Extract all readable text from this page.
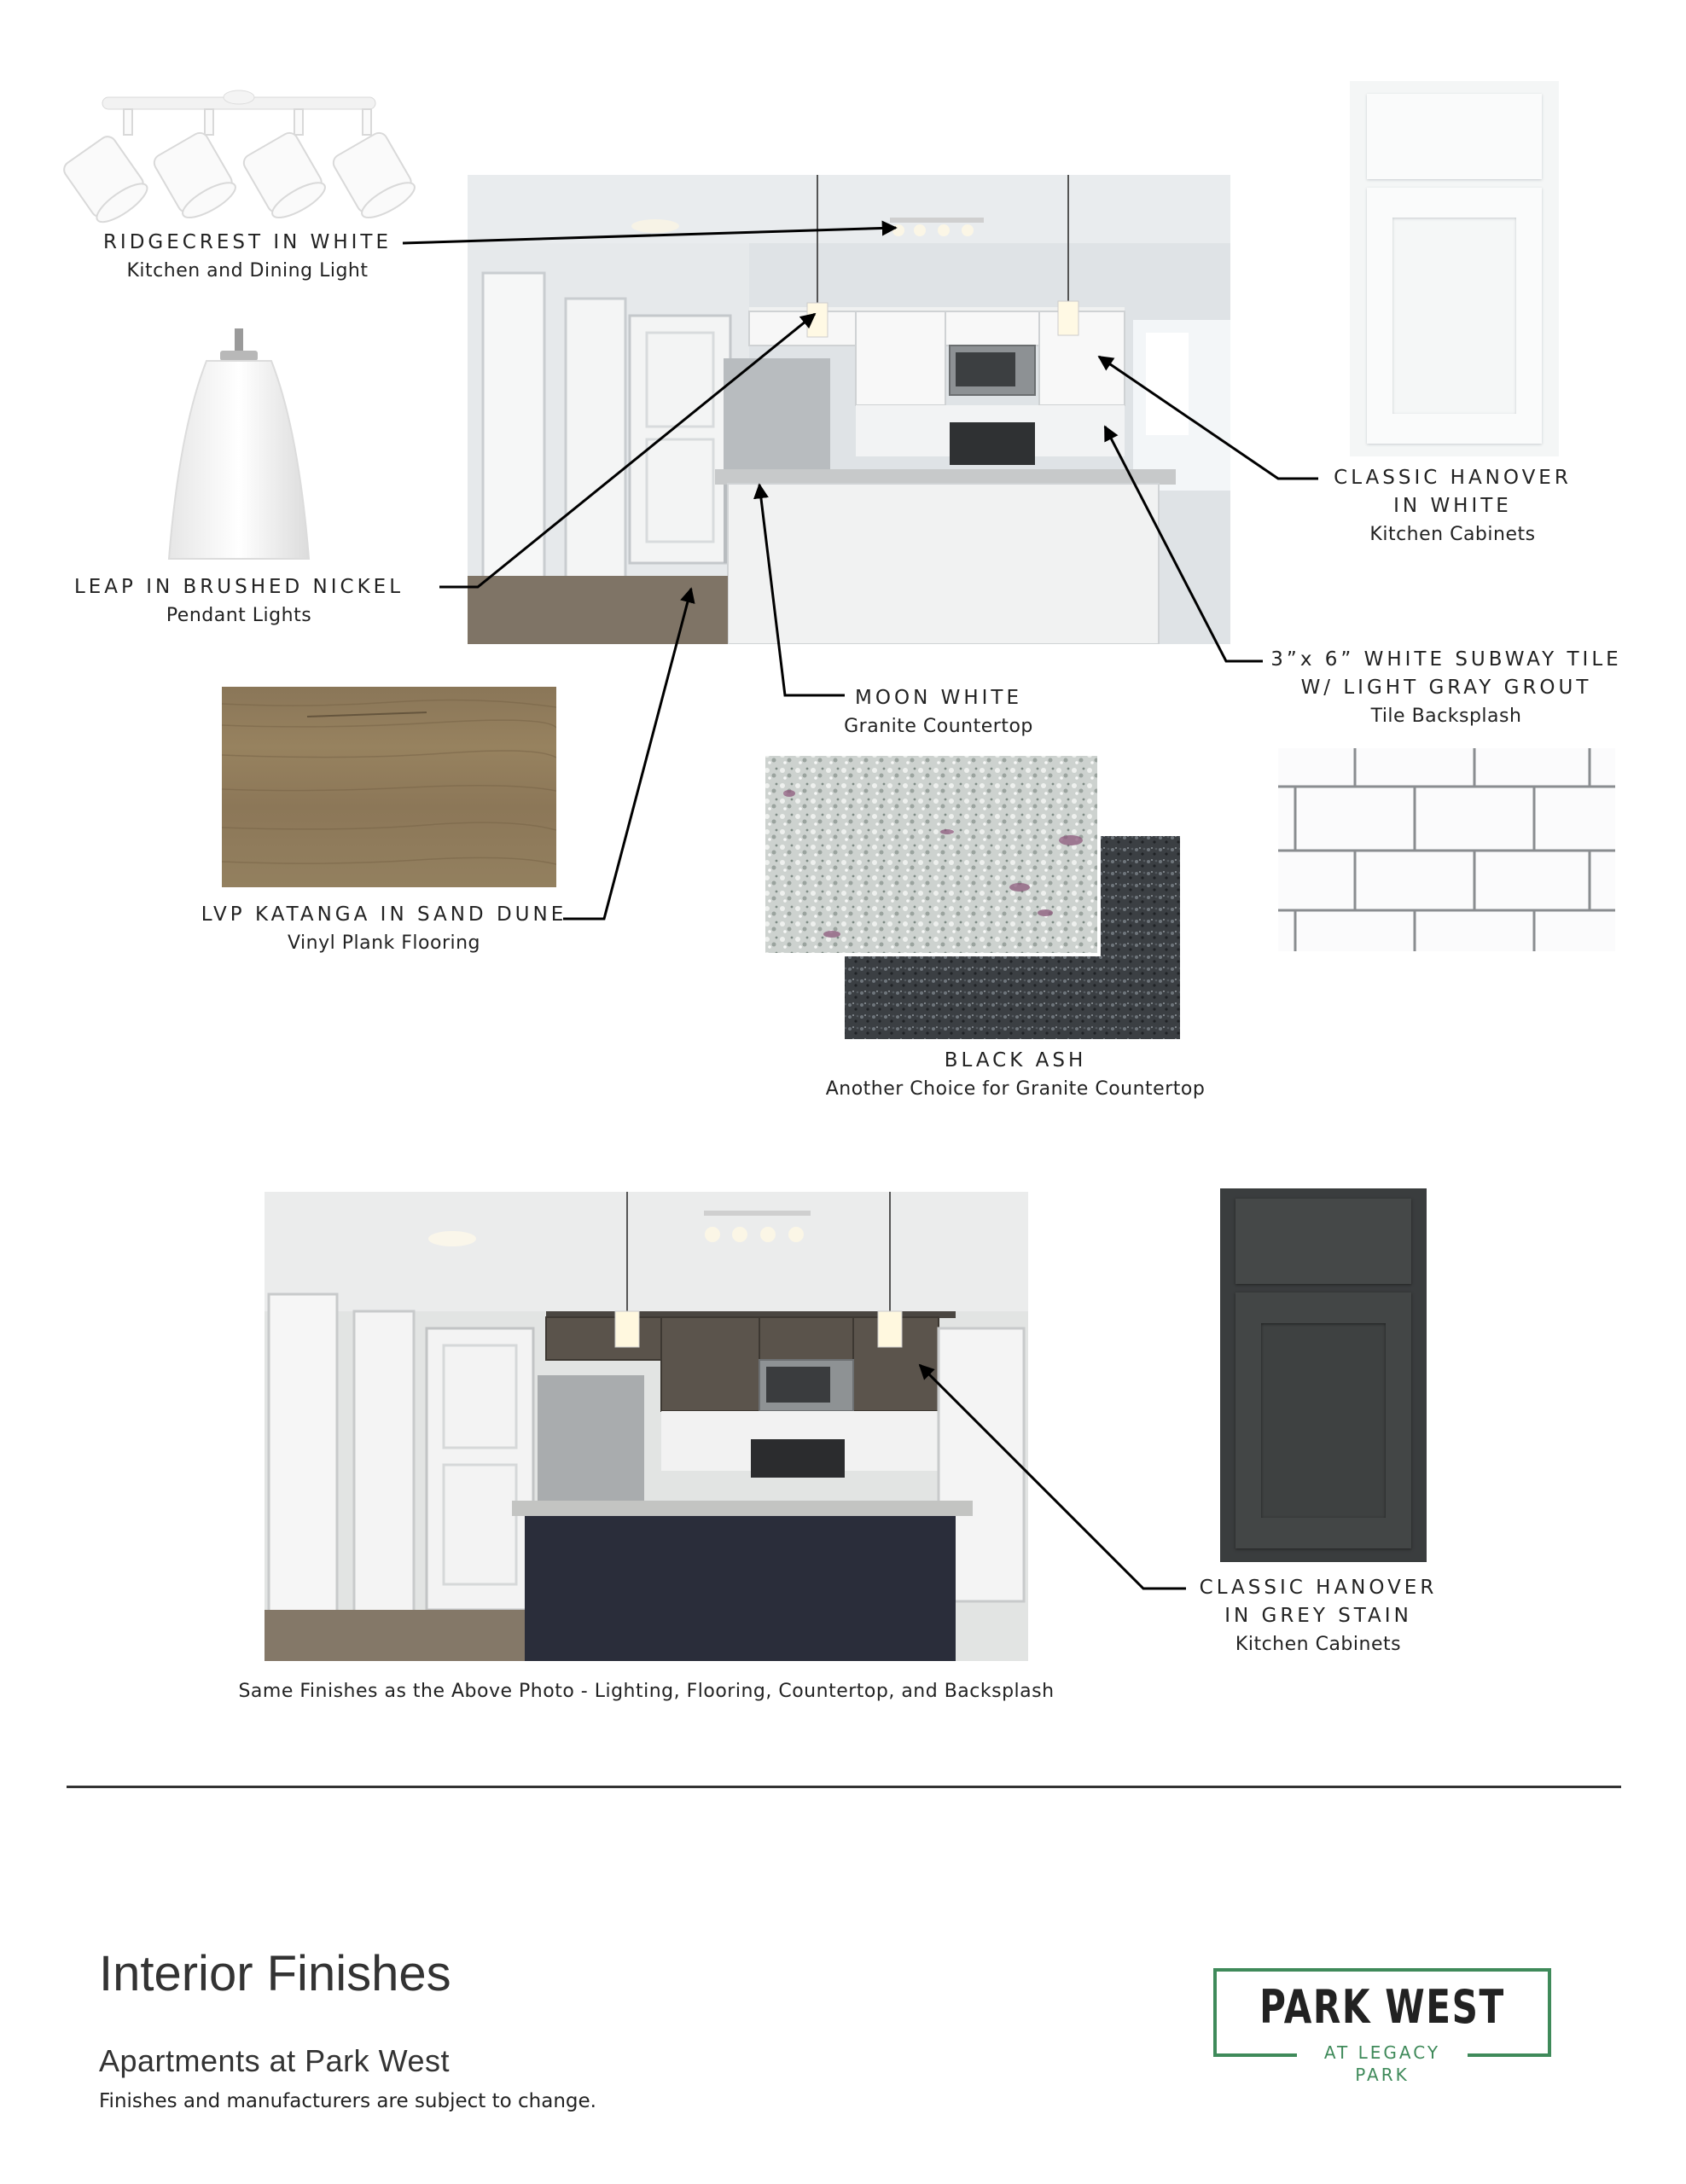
RIDGECREST IN WHITE
Kitchen and Dining Light
LEAP IN BRUSHED NICKEL
Pendant Lights
CLASSIC HANOVER
IN WHITE
Kitchen Cabinets
3”x 6” WHITE SUBWAY TILE
W/ LIGHT GRAY GROUT
Tile Backsplash
MOON WHITE
Granite Countertop
BLACK ASH
Another Choice for Granite Countertop
LVP KATANGA IN SAND DUNE
Vinyl Plank Flooring
Same Finishes as the Above Photo - Lighting, Flooring, Countertop, and Backsplash
CLASSIC HANOVER
IN GREY STAIN
Kitchen Cabinets
Interior Finishes
Apartments at Park West
Finishes and manufacturers are subject to change.
PARK WEST
AT LEGACY PARK
